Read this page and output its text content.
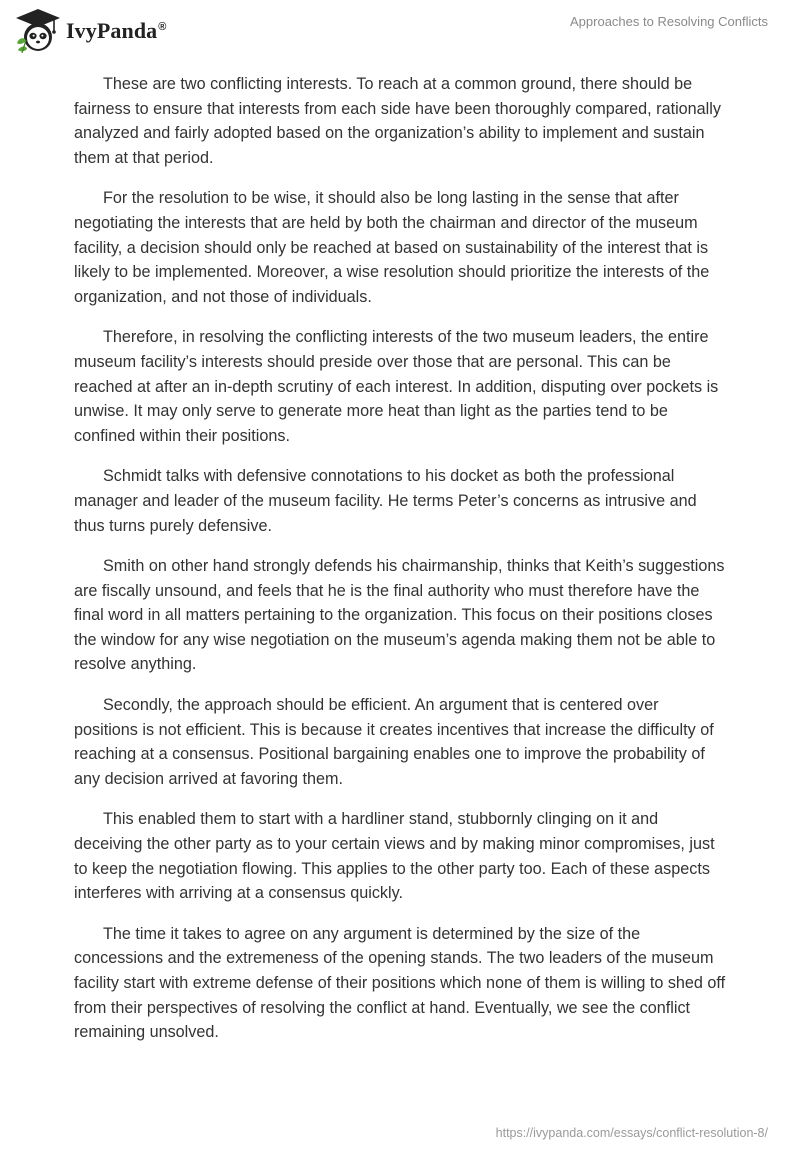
IvyPanda®	Approaches to Resolving Conflicts

These are two conflicting interests. To reach at a common ground, there should be fairness to ensure that interests from each side have been thoroughly compared, rationally analyzed and fairly adopted based on the organization’s ability to implement and sustain them at that period.

For the resolution to be wise, it should also be long lasting in the sense that after negotiating the interests that are held by both the chairman and director of the museum facility, a decision should only be reached at based on sustainability of the interest that is likely to be implemented. Moreover, a wise resolution should prioritize the interests of the organization, and not those of individuals.

Therefore, in resolving the conflicting interests of the two museum leaders, the entire museum facility’s interests should preside over those that are personal. This can be reached at after an in-depth scrutiny of each interest. In addition, disputing over pockets is unwise. It may only serve to generate more heat than light as the parties tend to be confined within their positions.

Schmidt talks with defensive connotations to his docket as both the professional manager and leader of the museum facility. He terms Peter’s concerns as intrusive and thus turns purely defensive.

Smith on other hand strongly defends his chairmanship, thinks that Keith’s suggestions are fiscally unsound, and feels that he is the final authority who must therefore have the final word in all matters pertaining to the organization. This focus on their positions closes the window for any wise negotiation on the museum’s agenda making them not be able to resolve anything.

Secondly, the approach should be efficient. An argument that is centered over positions is not efficient. This is because it creates incentives that increase the difficulty of reaching at a consensus. Positional bargaining enables one to improve the probability of any decision arrived at favoring them.

This enabled them to start with a hardliner stand, stubbornly clinging on it and deceiving the other party as to your certain views and by making minor compromises, just to keep the negotiation flowing. This applies to the other party too. Each of these aspects interferes with arriving at a consensus quickly.

The time it takes to agree on any argument is determined by the size of the concessions and the extremeness of the opening stands. The two leaders of the museum facility start with extreme defense of their positions which none of them is willing to shed off from their perspectives of resolving the conflict at hand. Eventually, we see the conflict remaining unsolved.

https://ivypanda.com/essays/conflict-resolution-8/
